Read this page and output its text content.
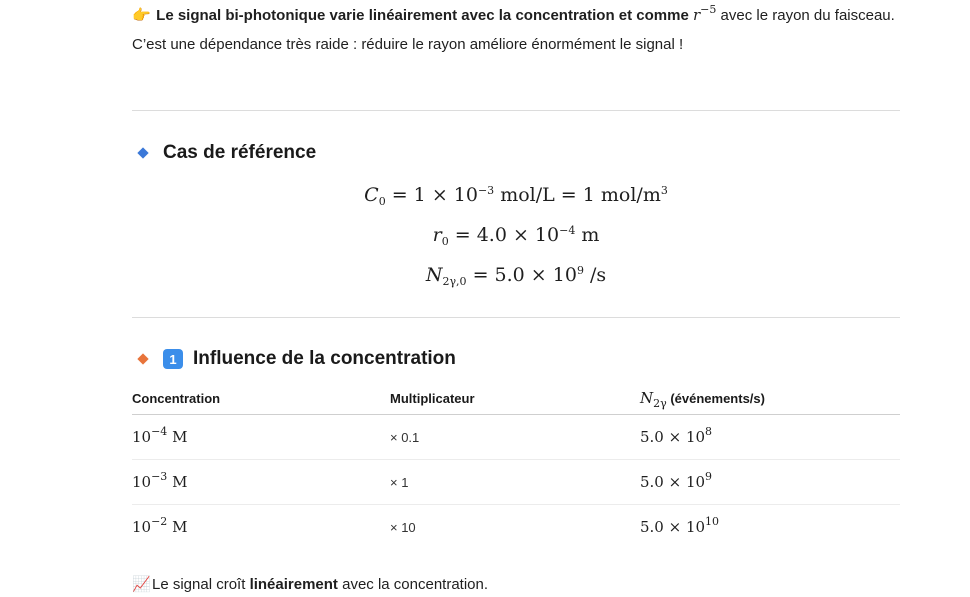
👉 Le signal bi-photonique varie linéairement avec la concentration et comme $r^{-5}$ avec le rayon du faisceau.
C’est une dépendance très raide : réduire le rayon améliore énormément le signal !
Cas de référence
$C_0 = 1 \times 10^{-3}$ mol/L = 1 mol/$m^3$
$r_0 = 4.0 \times 10^{-4}$ m
$N_{2\gamma,0} = 5.0 \times 10^9$ /s
1 Influence de la concentration
Concentration	Multiplicateur	$N_{2\gamma}$ (événements/s)
$10^{-4}$ M	× 0.1	$5.0 \times 10^8$
$10^{-3}$ M	× 1	$5.0 \times 10^9$
$10^{-2}$ M	× 10	$5.0 \times 10^{10}$
📈Le signal croît linéairement avec la concentration.
